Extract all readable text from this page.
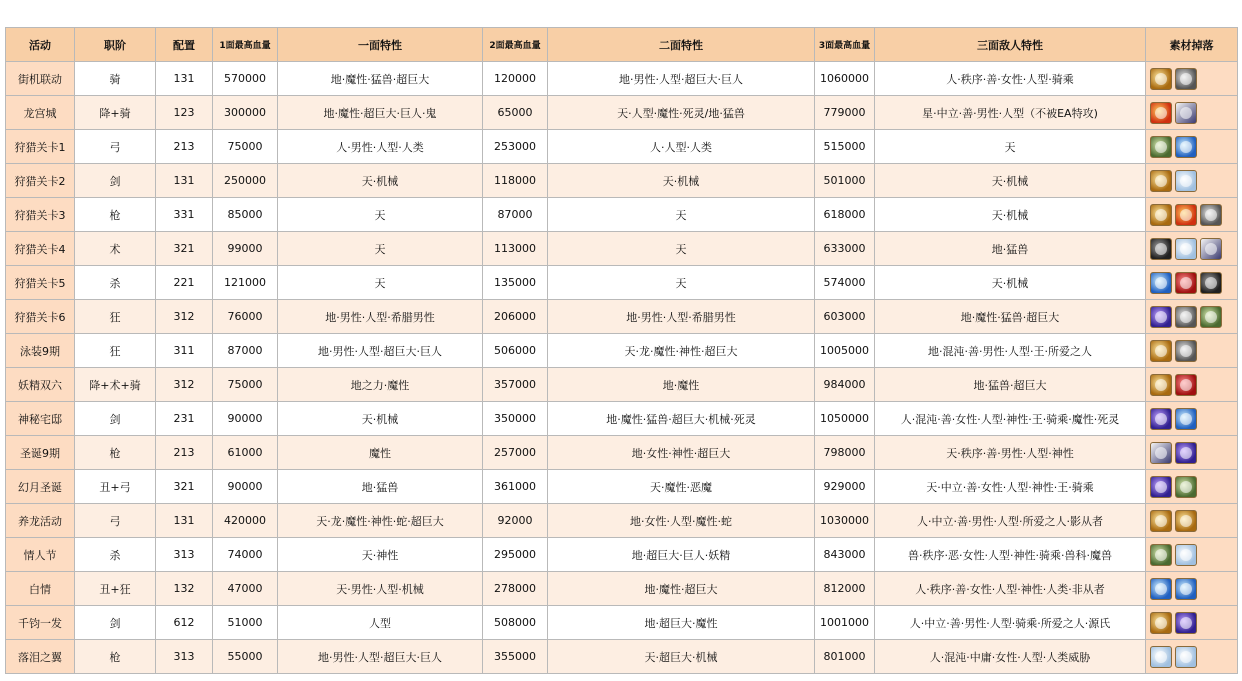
活动	职阶	配置	1面最高血量	一面特性	2面最高血量	二面特性	3面最高血量	三面敌人特性	素材掉落
街机联动	骑	131	570000	地·魔性·猛兽·超巨大	120000	地·男性·人型·超巨大·巨人	1060000	人·秩序·善·女性·人型·骑乘	

龙宫城	降+骑	123	300000	地·魔性·超巨大·巨人·鬼	65000	天·人型·魔性·死灵/地·猛兽	779000	星·中立·善·男性·人型（不被EA特攻)	

狩猎关卡1	弓	213	75000	人·男性·人型·人类	253000	人·人型·人类	515000	天	

狩猎关卡2	剑	131	250000	天·机械	118000	天·机械	501000	天·机械	

狩猎关卡3	枪	331	85000	天	87000	天	618000	天·机械	

狩猎关卡4	术	321	99000	天	113000	天	633000	地·猛兽	

狩猎关卡5	杀	221	121000	天	135000	天	574000	天·机械	

狩猎关卡6	狂	312	76000	地·男性·人型·希腊男性	206000	地·男性·人型·希腊男性	603000	地·魔性·猛兽·超巨大	

泳装9期	狂	311	87000	地·男性·人型·超巨大·巨人	506000	天·龙·魔性·神性·超巨大	1005000	地·混沌·善·男性·人型·王·所爱之人	

妖精双六	降+术+骑	312	75000	地之力·魔性	357000	地·魔性	984000	地·猛兽·超巨大	

神秘宅邸	剑	231	90000	天·机械	350000	地·魔性·猛兽·超巨大·机械·死灵	1050000	人·混沌·善·女性·人型·神性·王·骑乘·魔性·死灵	

圣诞9期	枪	213	61000	魔性	257000	地·女性·神性·超巨大	798000	天·秩序·善·男性·人型·神性	

幻月圣诞	丑+弓	321	90000	地·猛兽	361000	天·魔性·恶魔	929000	天·中立·善·女性·人型·神性·王·骑乘	

养龙活动	弓	131	420000	天·龙·魔性·神性·蛇·超巨大	92000	地·女性·人型·魔性·蛇	1030000	人·中立·善·男性·人型·所爱之人·影从者	

情人节	杀	313	74000	天·神性	295000	地·超巨大·巨人·妖精	843000	兽·秩序·恶·女性·人型·神性·骑乘·兽科·魔兽	

白情	丑+狂	132	47000	天·男性·人型·机械	278000	地·魔性·超巨大	812000	人·秩序·善·女性·人型·神性·人类·非从者	

千钧一发	剑	612	51000	人型	508000	地·超巨大·魔性	1001000	人·中立·善·男性·人型·骑乘·所爱之人·源氏	

落泪之翼	枪	313	55000	地·男性·人型·超巨大·巨人	355000	天·超巨大·机械	801000	人·混沌·中庸·女性·人型·人类威胁	
